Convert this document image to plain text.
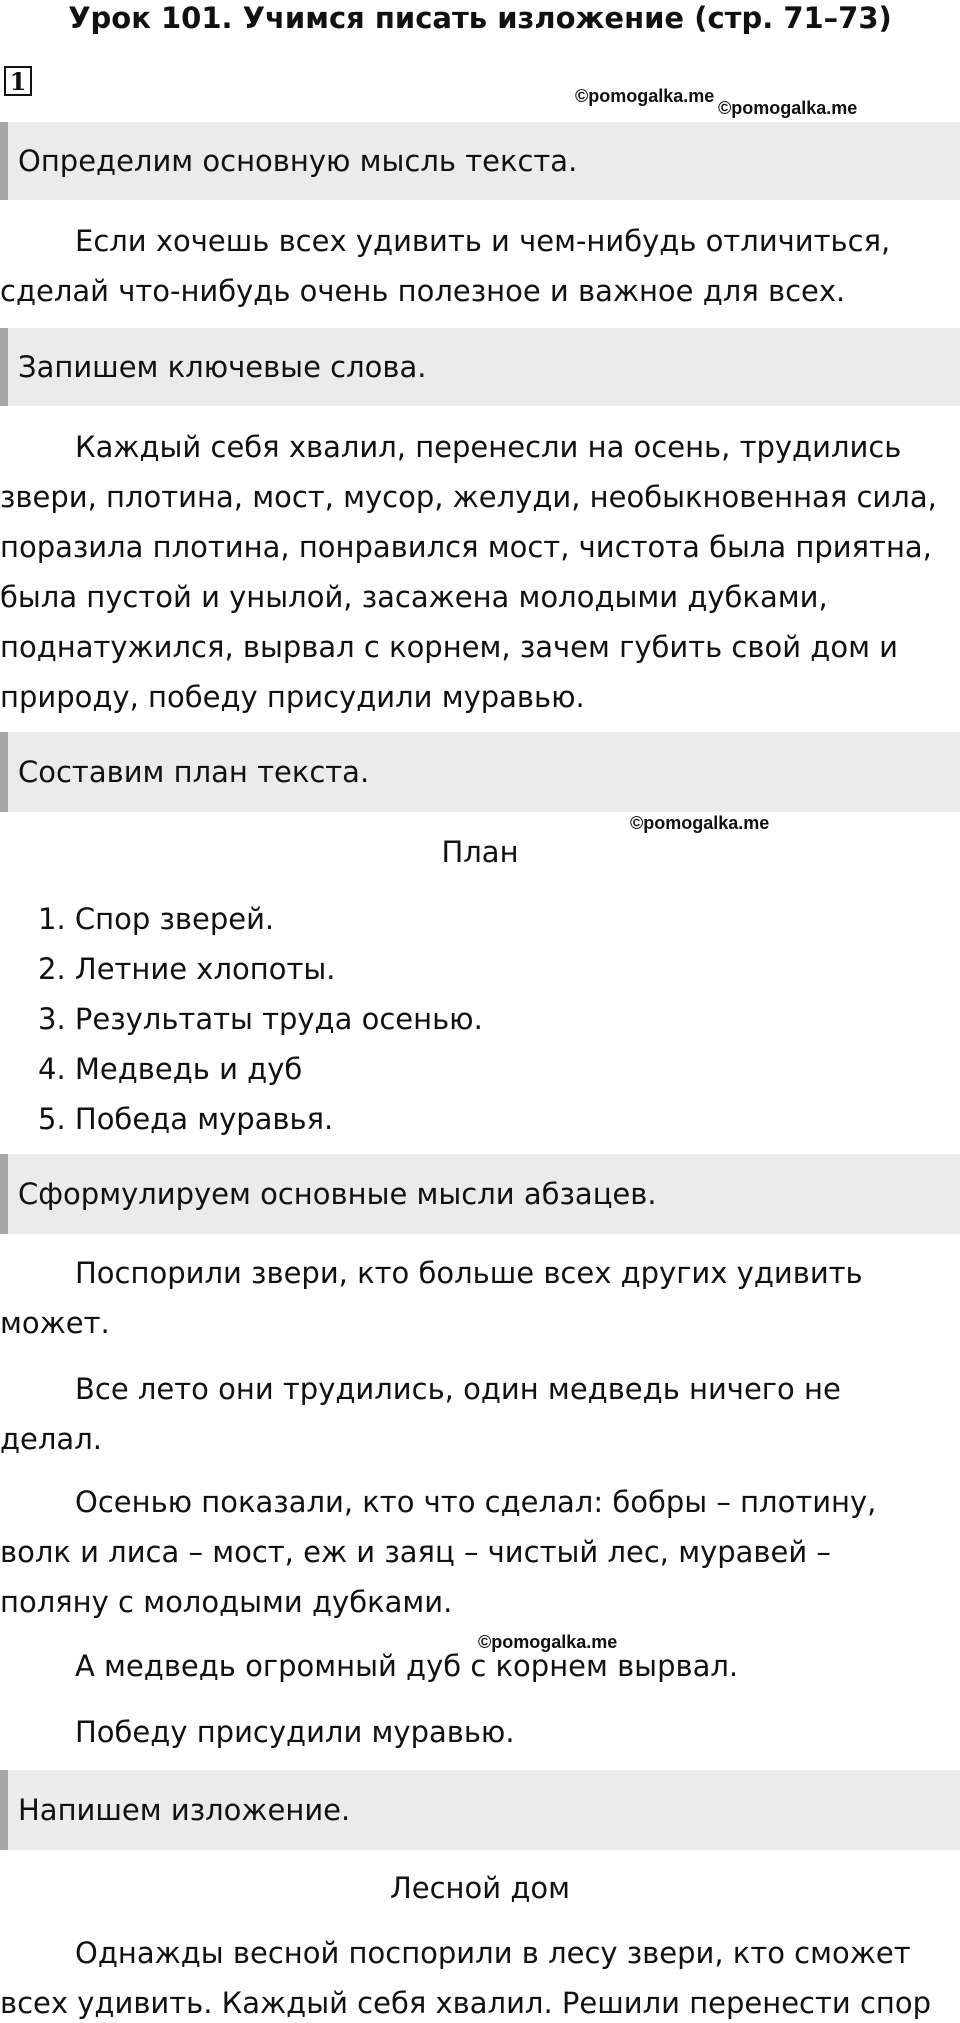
Урок 101. Учимся писать изложение (стр. 71–73)
1	©pomogalka.me
©pomogalka.me
Определим основную мысль текста.
Если хочешь всех удивить и чем-нибудь отличиться,
сделай что-нибудь очень полезное и важное для всех.
Запишем ключевые слова.
Каждый себя хвалил, перенесли на осень, трудились
звери, плотина, мост, мусор, желуди, необыкновенная сила,
поразила плотина, понравился мост, чистота была приятна,
была пустой и унылой, засажена молодыми дубками,
поднатужился, вырвал с корнем, зачем губить свой дом и
природу, победу присудили муравью.
Составим план текста.
©pomogalka.me
План
1. Спор зверей.
2. Летние хлопоты.
3. Результаты труда осенью.
4. Медведь и дуб
5. Победа муравья.
Сформулируем основные мысли абзацев.
Поспорили звери, кто больше всех других удивить
может.
Все лето они трудились, один медведь ничего не
делал.
Осенью показали, кто что сделал: бобры – плотину,
волк и лиса – мост, еж и заяц – чистый лес, муравей –
поляну с молодыми дубками.
©pomogalka.me
А медведь огромный дуб с корнем вырвал.
Победу присудили муравью.
Напишем изложение.
Лесной дом
Однажды весной поспорили в лесу звери, кто сможет
всех удивить. Каждый себя хвалил. Решили перенести спор
